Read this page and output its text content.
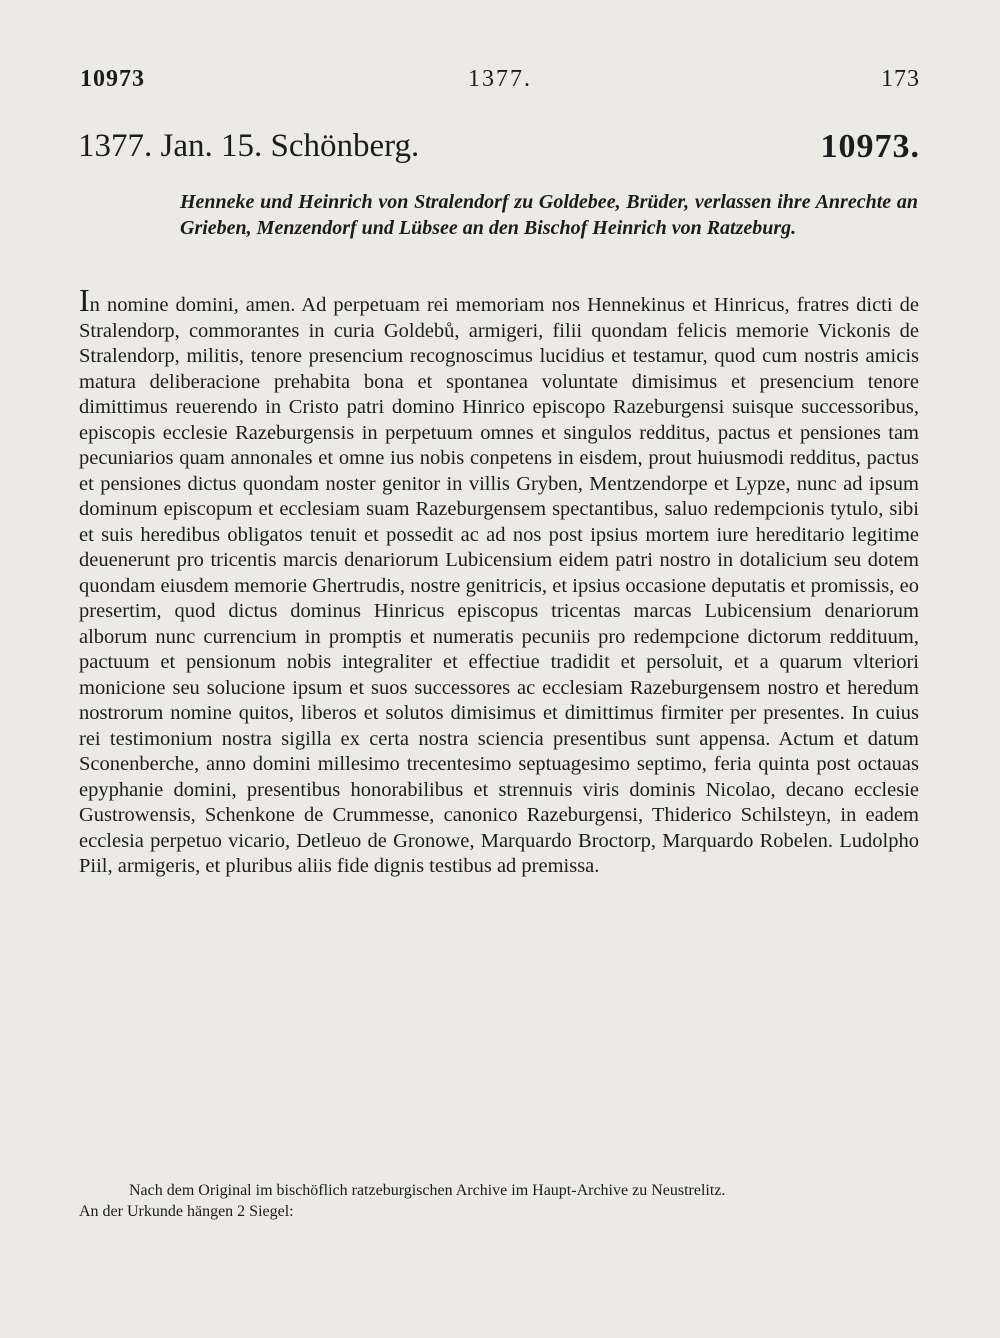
10973	1377.	173
1377. Jan. 15. Schönberg.	10973.
Henneke und Heinrich von Stralendorf zu Goldebee, Brüder, verlassen ihre Anrechte an Grieben, Menzendorf und Lübsee an den Bischof Heinrich von Ratzeburg.
In nomine domini, amen. Ad perpetuam rei memoriam nos Hennekinus et Hinricus, fratres dicti de Stralendorp, commorantes in curia Goldebů, armigeri, filii quondam felicis memorie Vickonis de Stralendorp, militis, tenore presencium recognoscimus lucidius et testamur, quod cum nostris amicis matura deliberacione prehabita bona et spontanea voluntate dimisimus et presencium tenore dimittimus reuerendo in Cristo patri domino Hinrico episcopo Razeburgensi suisque successoribus, episcopis ecclesie Razeburgensis in perpetuum omnes et singulos redditus, pactus et pensiones tam pecuniarios quam annonales et omne ius nobis conpetens in eisdem, prout huiusmodi redditus, pactus et pensiones dictus quondam noster genitor in villis Gryben, Mentzendorpe et Lypze, nunc ad ipsum dominum episcopum et ecclesiam suam Razeburgensem spectantibus, saluo redempcionis tytulo, sibi et suis heredibus obligatos tenuit et possedit ac ad nos post ipsius mortem iure hereditario legitime deuenerunt pro tricentis marcis denariorum Lubicensium eidem patri nostro in dotalicium seu dotem quondam eiusdem memorie Ghertrudis, nostre genitricis, et ipsius occasione deputatis et promissis, eo presertim, quod dictus dominus Hinricus episcopus tricentas marcas Lubicensium denariorum alborum nunc currencium in promptis et numeratis pecuniis pro redempcione dictorum reddituum, pactuum et pensionum nobis integraliter et effectiue tradidit et persoluit, et a quarum vlteriori monicione seu solucione ipsum et suos successores ac ecclesiam Razeburgensem nostro et heredum nostrorum nomine quitos, liberos et solutos dimisimus et dimittimus firmiter per presentes. In cuius rei testimonium nostra sigilla ex certa nostra sciencia presentibus sunt appensa. Actum et datum Sconenberche, anno domini millesimo trecentesimo septuagesimo septimo, feria quinta post octauas epyphanie domini, presentibus honorabilibus et strennuis viris dominis Nicolao, decano ecclesie Gustrowensis, Schenkone de Crummesse, canonico Razeburgensi, Thiderico Schilsteyn, in eadem ecclesia perpetuo vicario, Detleuo de Gronowe, Marquardo Broctorp, Marquardo Robelen. Ludolpho Piil, armigeris, et pluribus aliis fide dignis testibus ad premissa.

Nach dem Original im bischöflich ratzeburgischen Archive im Haupt-Archive zu Neustrelitz.

An der Urkunde hängen 2 Siegel:
